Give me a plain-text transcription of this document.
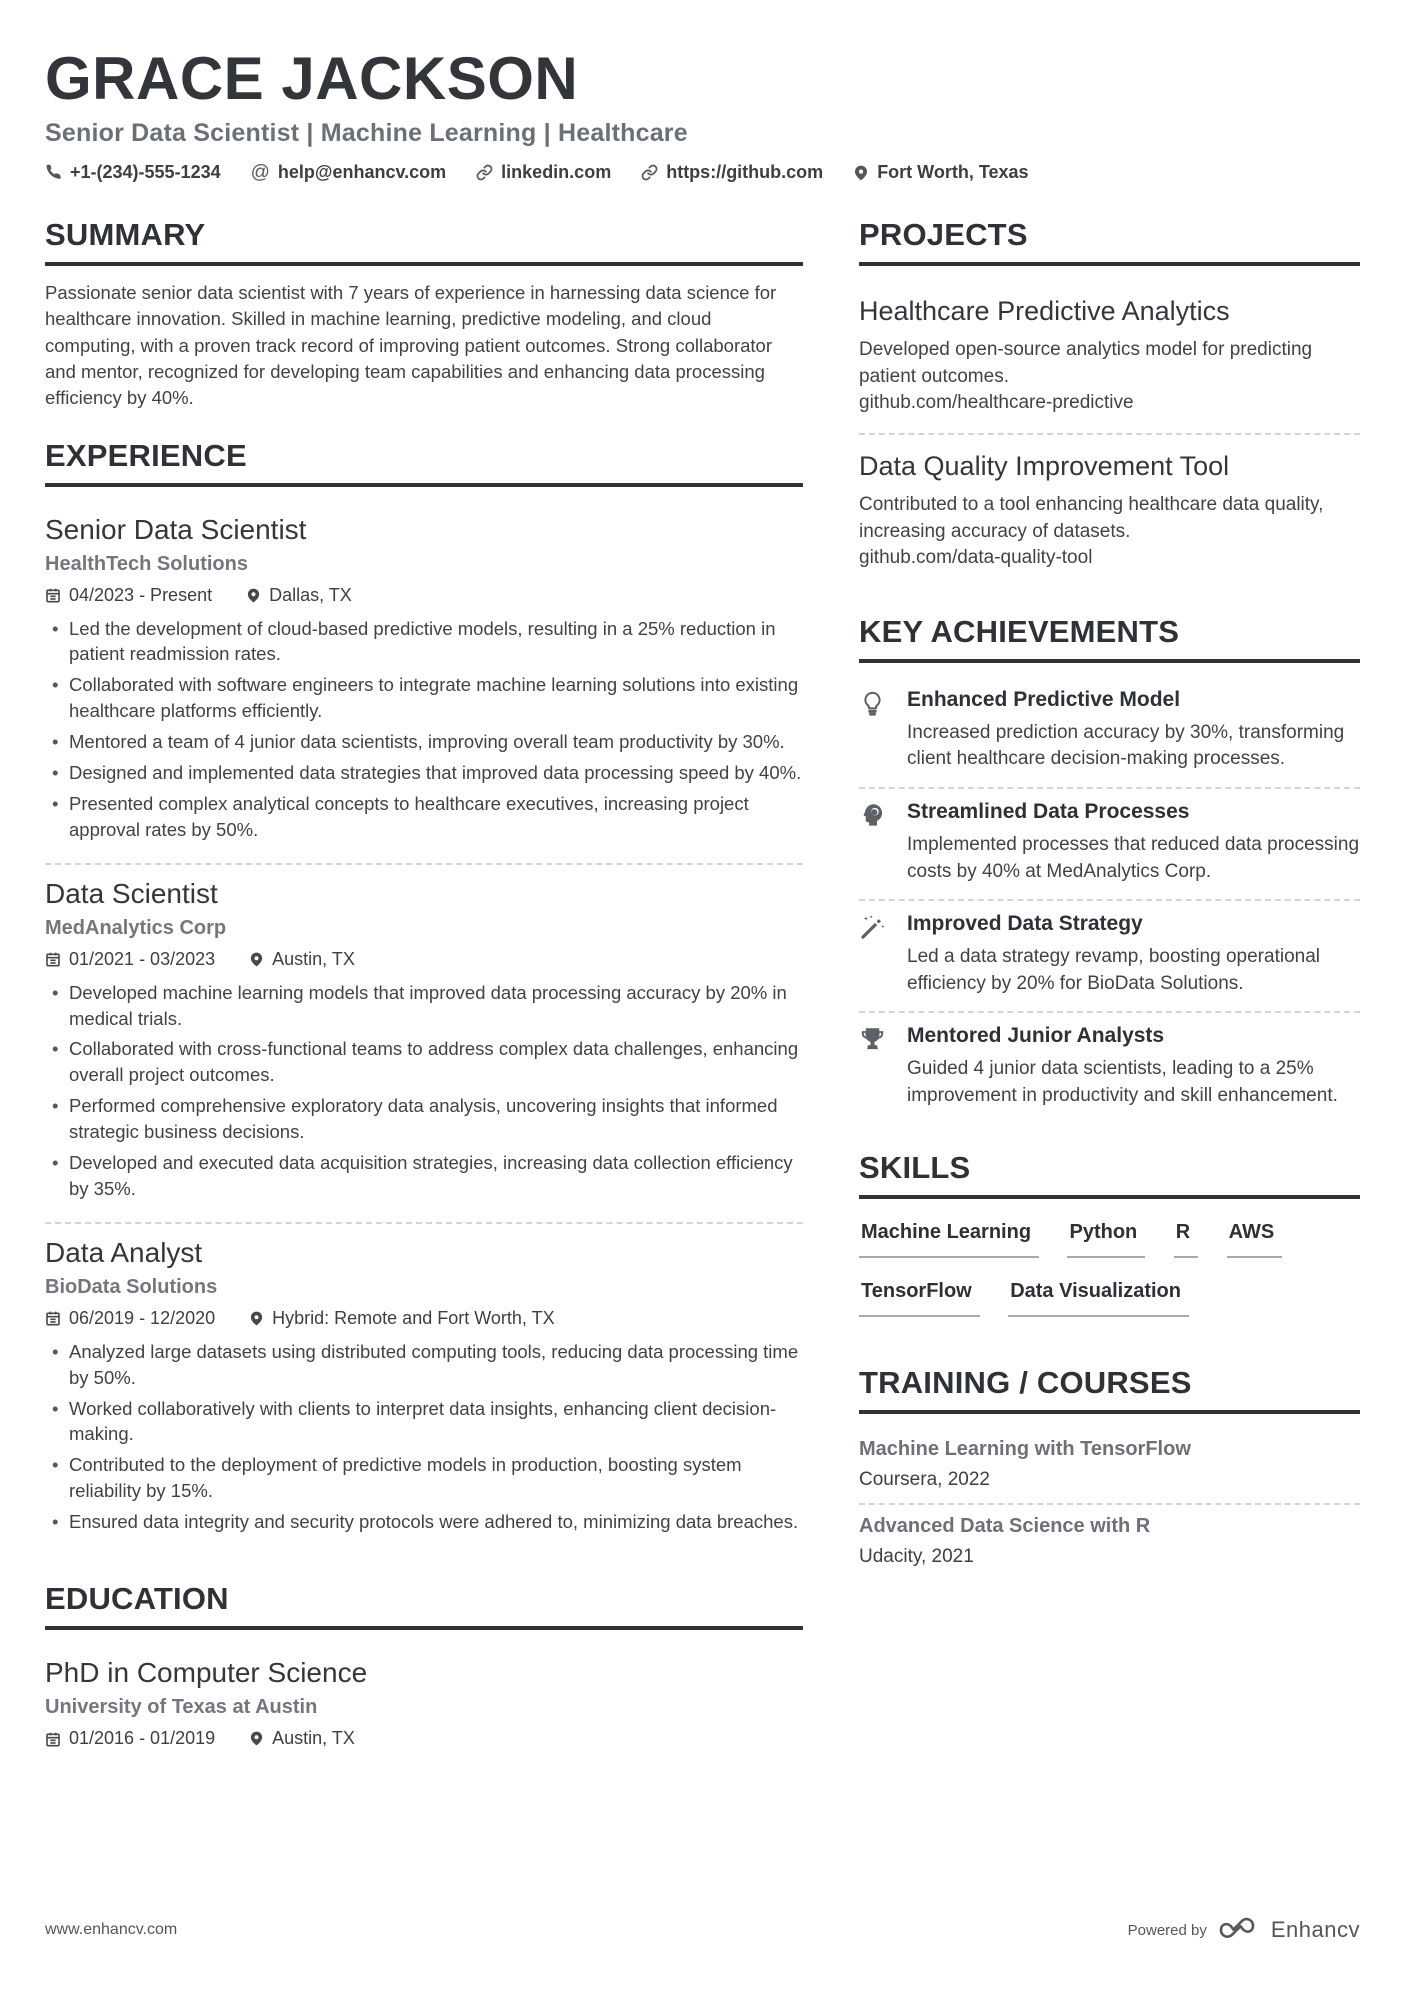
GRACE JACKSON
Senior Data Scientist | Machine Learning | Healthcare
+1-(234)-555-1234 @ help@enhancv.com	linkedin.com	https://github.com	Fort Worth, Texas
SUMMARY

Passionate senior data scientist with 7 years of experience in harnessing data science for healthcare innovation. Skilled in machine learning, predictive modeling, and cloud computing, with a proven track record of improving patient outcomes. Strong collaborator and mentor, recognized for developing team capabilities and enhancing data processing efficiency by 40%.

EXPERIENCE
Senior Data Scientist
HealthTech Solutions
04/2023 - Present	Dallas, TX
• Led the development of cloud-based predictive models, resulting in a 25% reduction in patient readmission rates.
• Collaborated with software engineers to integrate machine learning solutions into existing healthcare platforms efficiently.
• Mentored a team of 4 junior data scientists, improving overall team productivity by 30%.
• Designed and implemented data strategies that improved data processing speed by 40%.
• Presented complex analytical concepts to healthcare executives, increasing project approval rates by 50%.
Data Scientist
MedAnalytics Corp
01/2021 - 03/2023	Austin, TX
• Developed machine learning models that improved data processing accuracy by 20% in medical trials.
• Collaborated with cross-functional teams to address complex data challenges, enhancing overall project outcomes.
• Performed comprehensive exploratory data analysis, uncovering insights that informed strategic business decisions.
• Developed and executed data acquisition strategies, increasing data collection efficiency by 35%.
Data Analyst
BioData Solutions
06/2019 - 12/2020	Hybrid: Remote and Fort Worth, TX
• Analyzed large datasets using distributed computing tools, reducing data processing time by 50%.
• Worked collaboratively with clients to interpret data insights, enhancing client decision-making.
• Contributed to the deployment of predictive models in production, boosting system reliability by 15%.
• Ensured data integrity and security protocols were adhered to, minimizing data breaches.
EDUCATION
PhD in Computer Science
University of Texas at Austin
01/2016 - 01/2019	Austin, TX
PROJECTS
Healthcare Predictive Analytics
Developed open-source analytics model for predicting patient outcomes.
github.com/healthcare-predictive
Data Quality Improvement Tool
Contributed to a tool enhancing healthcare data quality, increasing accuracy of datasets.
github.com/data-quality-tool
KEY ACHIEVEMENTS
Enhanced Predictive Model
Increased prediction accuracy by 30%, transforming client healthcare decision-making processes.
Streamlined Data Processes
Implemented processes that reduced data processing costs by 40% at MedAnalytics Corp.
Improved Data Strategy
Led a data strategy revamp, boosting operational efficiency by 20% for BioData Solutions.
Mentored Junior Analysts
Guided 4 junior data scientists, leading to a 25% improvement in productivity and skill enhancement.
SKILLS
Machine Learning Python R AWS TensorFlow Data Visualization
TRAINING / COURSES
Machine Learning with TensorFlow
Coursera, 2022
Advanced Data Science with R
Udacity, 2021
www.enhancv.com	Powered by	Enhancv
